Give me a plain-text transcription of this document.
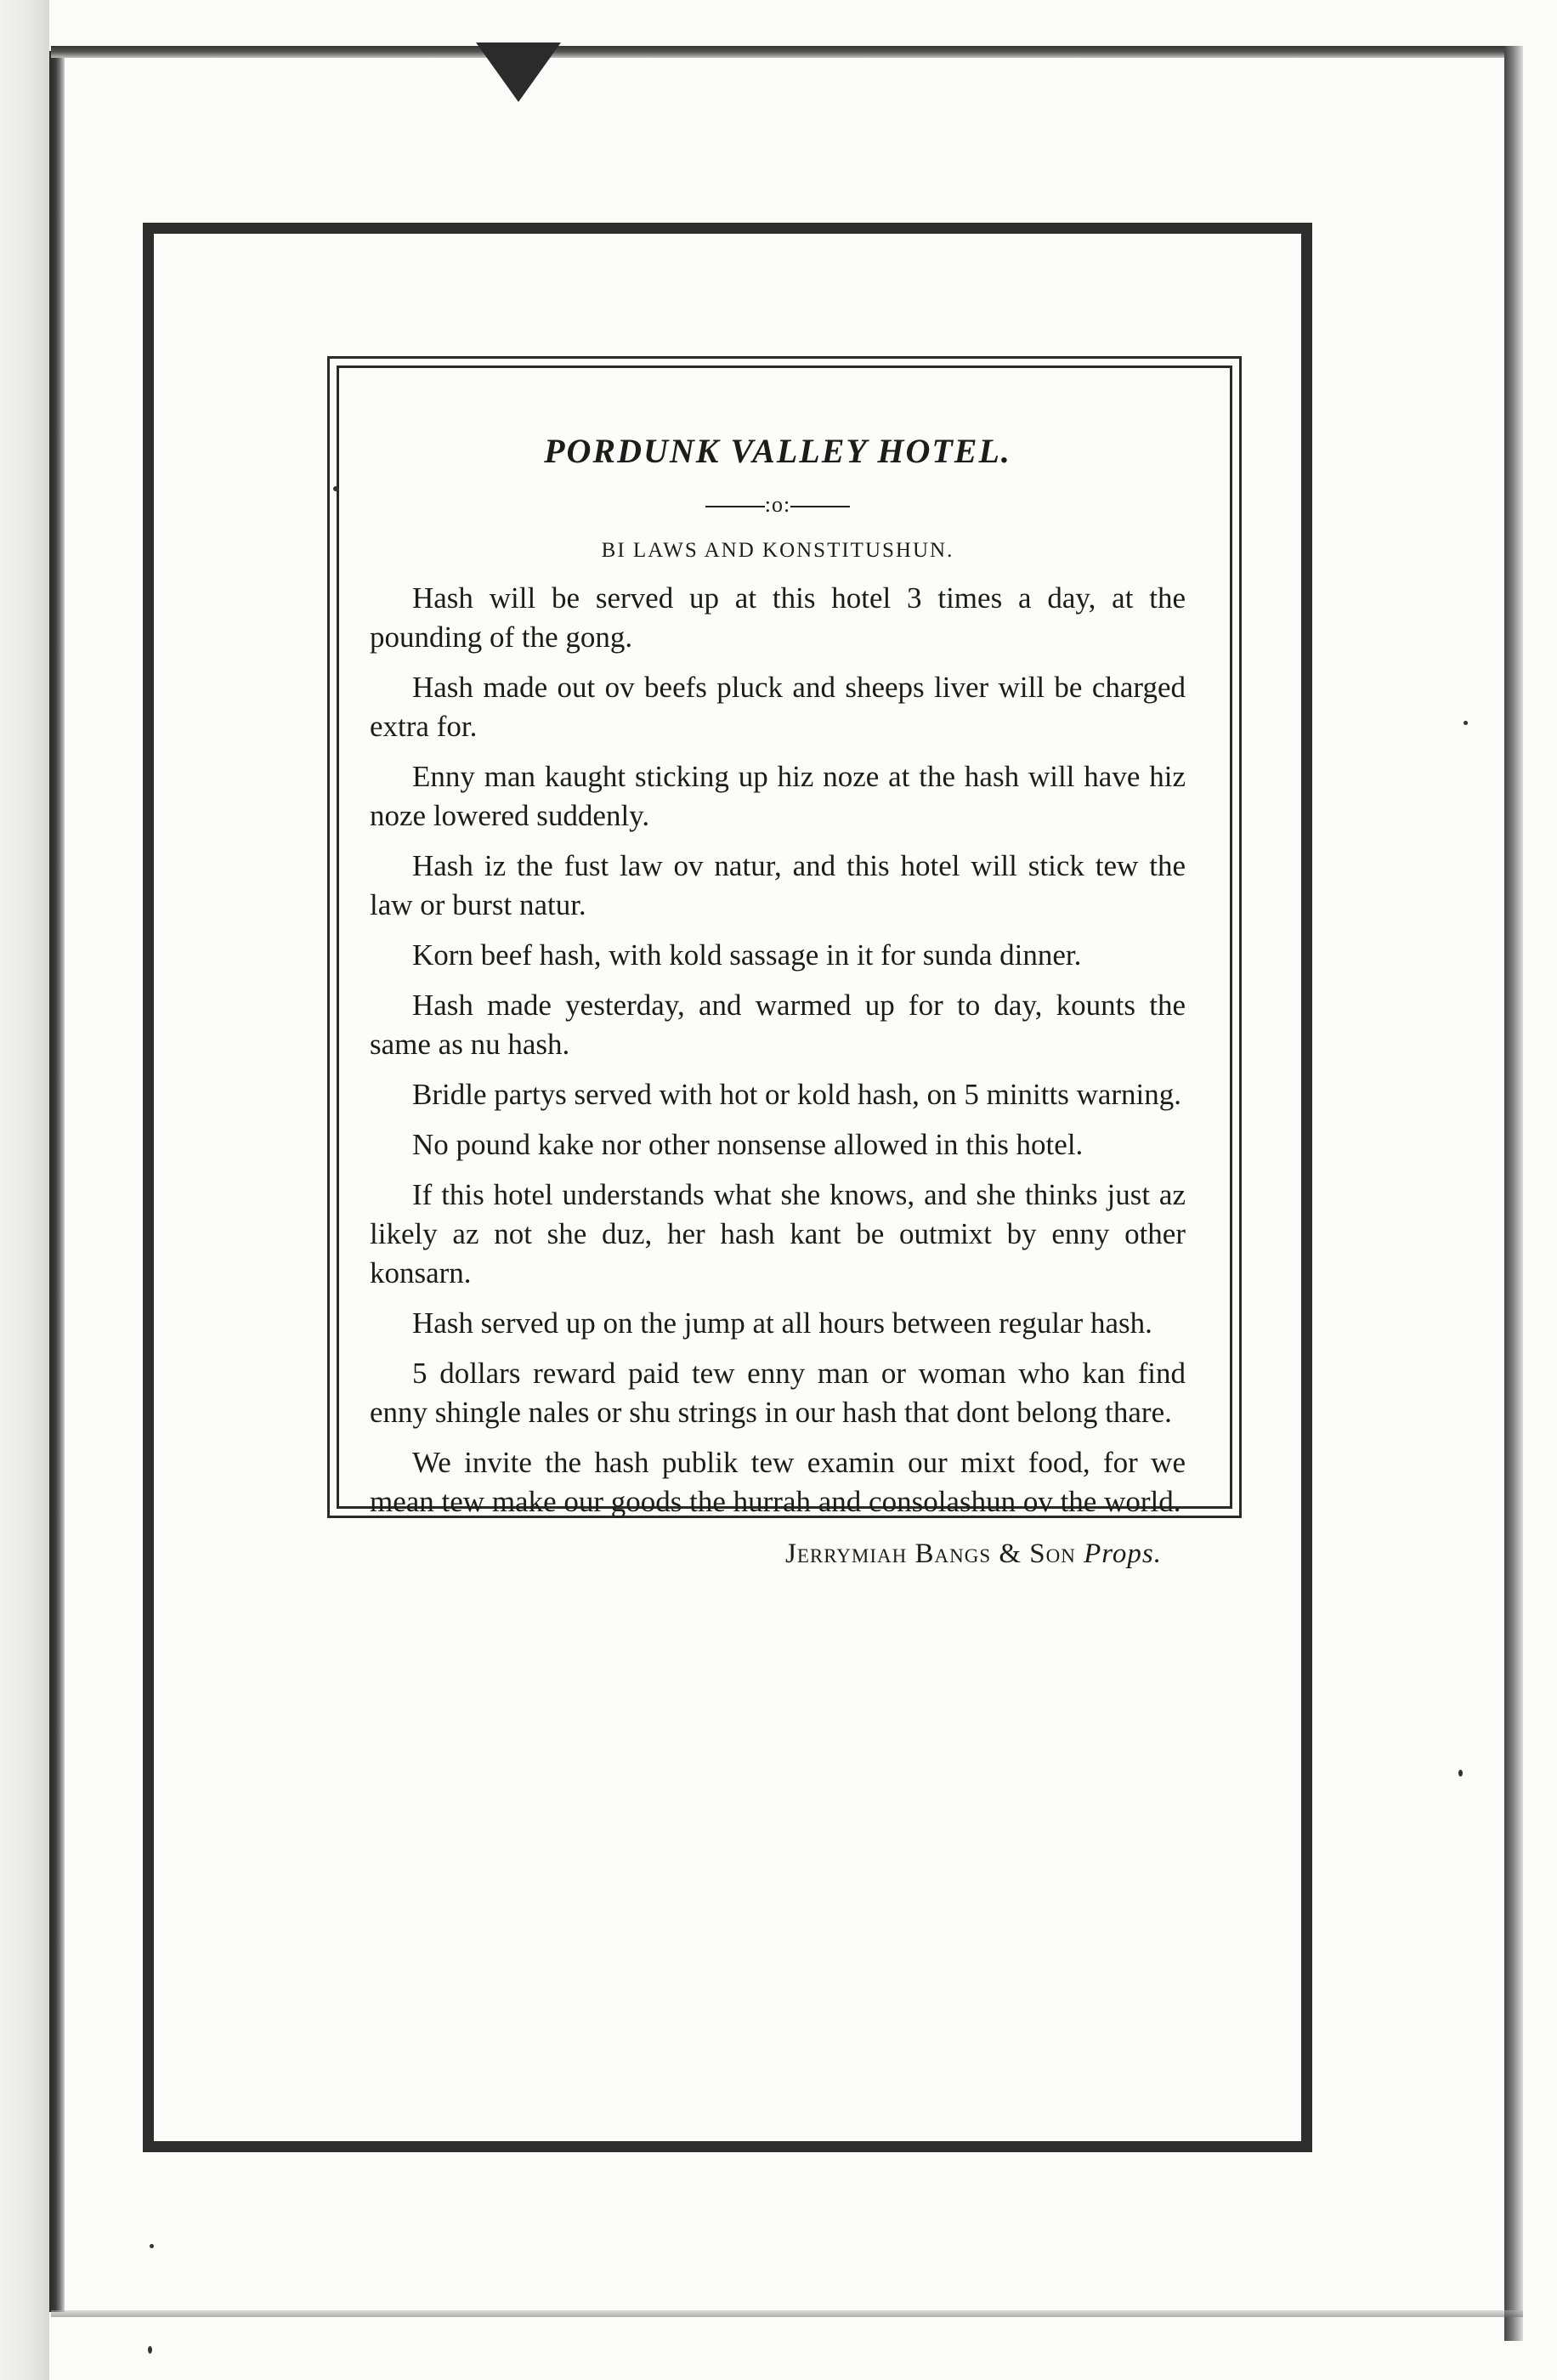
PORDUNK VALLEY HOTEL.
:o:
BI LAWS AND KONSTITUSHUN.

Hash will be served up at this hotel 3 times a day, at the pounding of the gong.

Hash made out ov beefs pluck and sheeps liver will be charged extra for.

Enny man kaught sticking up hiz noze at the hash will have hiz noze lowered suddenly.

Hash iz the fust law ov natur, and this hotel will stick tew the law or burst natur.

Korn beef hash, with kold sassage in it for sunda dinner.

Hash made yesterday, and warmed up for to day, kounts the same as nu hash.

Bridle partys served with hot or kold hash, on 5 minitts warning.

No pound kake nor other nonsense allowed in this hotel.

If this hotel understands what she knows, and she thinks just az likely az not she duz, her hash kant be outmixt by enny other konsarn.

Hash served up on the jump at all hours between regular hash.

5 dollars reward paid tew enny man or woman who kan find enny shingle nales or shu strings in our hash that dont belong thare.

We invite the hash publik tew examin our mixt food, for we mean tew make our goods the hurrah and consolashun ov the world.

Jerrymiah Bangs & Son Props.
